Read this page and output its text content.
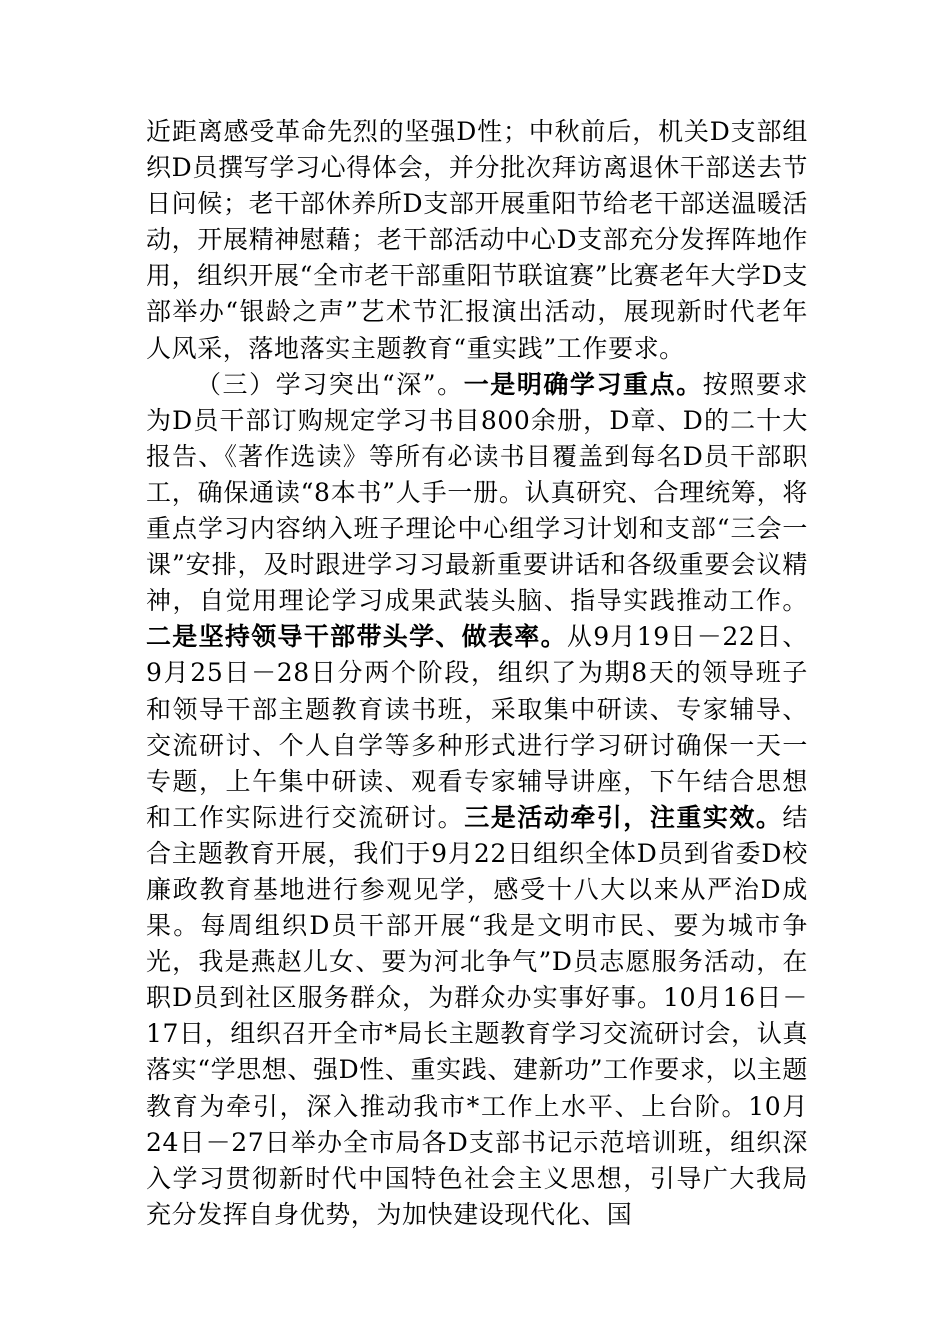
近距离感受革命先烈的坚强D性；中秋前后，机关D支部组织D员撰写学习心得体会，并分批次拜访离退休干部送去节日问候；老干部休养所D支部开展重阳节给老干部送温暖活动，开展精神慰藉；老干部活动中心D支部充分发挥阵地作用，组织开展“全市老干部重阳节联谊赛”比赛老年大学D支部举办“银龄之声”艺术节汇报演出活动，展现新时代老年人风采，落地落实主题教育“重实践”工作要求。

（三）学习突出“深”。一是明确学习重点。按照要求为D员干部订购规定学习书目800余册，D章、D的二十大报告、《著作选读》等所有必读书目覆盖到每名D员干部职工，确保通读“8本书”人手一册。认真研究、合理统筹，将重点学习内容纳入班子理论中心组学习计划和支部“三会一课”安排，及时跟进学习习最新重要讲话和各级重要会议精神，自觉用理论学习成果武装头脑、指导实践推动工作。二是坚持领导干部带头学、做表率。从9月19日－22日、9月25日－28日分两个阶段，组织了为期8天的领导班子和领导干部主题教育读书班，采取集中研读、专家辅导、交流研讨、个人自学等多种形式进行学习研讨确保一天一专题，上午集中研读、观看专家辅导讲座，下午结合思想和工作实际进行交流研讨。三是活动牵引，注重实效。结合主题教育开展，我们于9月22日组织全体D员到省委D校廉政教育基地进行参观见学，感受十八大以来从严治D成果。每周组织D员干部开展“我是文明市民、要为城市争光，我是燕赵儿女、要为河北争气”D员志愿服务活动，在职D员到社区服务群众，为群众办实事好事。10月16日－17日，组织召开全市*局长主题教育学习交流研讨会，认真落实“学思想、强D性、重实践、建新功”工作要求，以主题教育为牵引，深入推动我市*工作上水平、上台阶。10月24日－27日举办全市局各D支部书记示范培训班，组织深入学习贯彻新时代中国特色社会主义思想，引导广大我局充分发挥自身优势，为加快建设现代化、国
